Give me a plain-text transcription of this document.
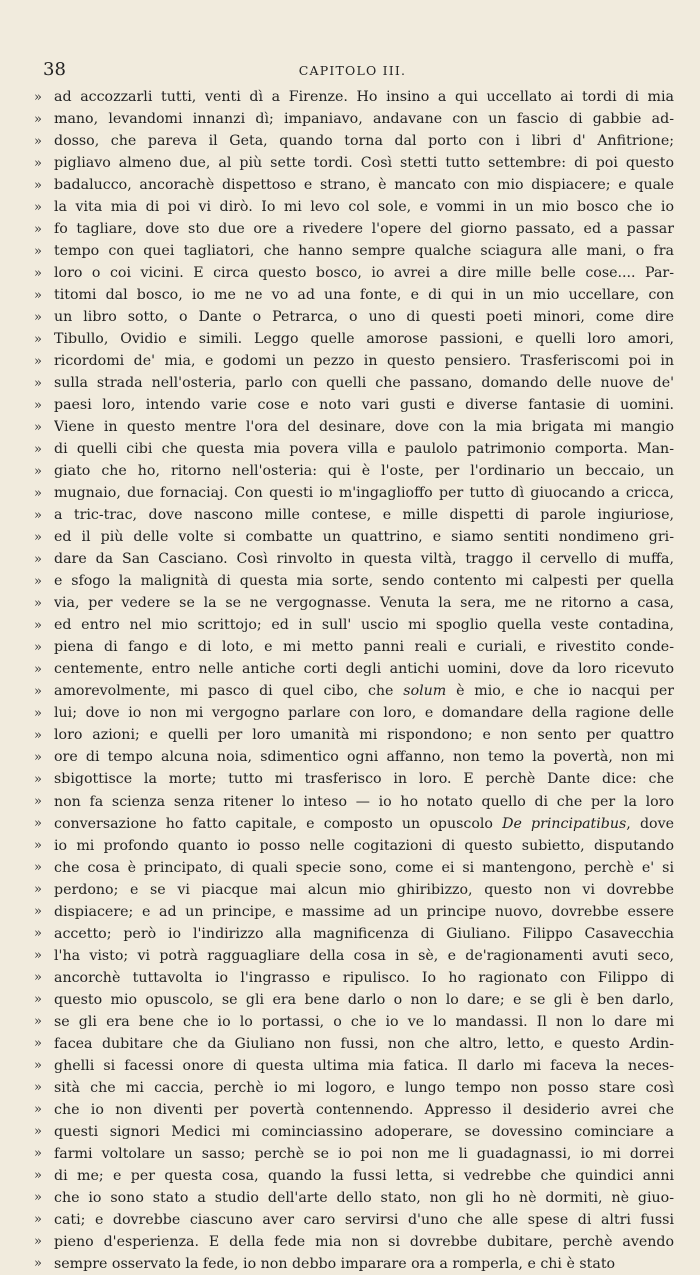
38	CAPITOLO III.
» ad accozzarli tutti, venti dì a Firenze. Ho insino a qui uccellato ai tordi di mia
» mano, levandomi innanzi dì; impaniavo, andavane con un fascio di gabbie ad-
» dosso, che pareva il Geta, quando torna dal porto con i libri d' Anfitrione;
» pigliavo almeno due, al più sette tordi. Così stetti tutto settembre: di poi questo
» badalucco, ancorachè dispettoso e strano, è mancato con mio dispiacere; e quale
» la vita mia di poi vi dirò. Io mi levo col sole, e vommi in un mio bosco che io
» fo tagliare, dove sto due ore a rivedere l'opere del giorno passato, ed a passar
» tempo con quei tagliatori, che hanno sempre qualche sciagura alle mani, o fra
» loro o coi vicini. E circa questo bosco, io avrei a dire mille belle cose.... Par-
» titomi dal bosco, io me ne vo ad una fonte, e di qui in un mio uccellare, con
» un libro sotto, o Dante o Petrarca, o uno di questi poeti minori, come dire
» Tibullo, Ovidio e simili. Leggo quelle amorose passioni, e quelli loro amori,
» ricordomi de' mia, e godomi un pezzo in questo pensiero. Trasferiscomi poi in
» sulla strada nell'osteria, parlo con quelli che passano, domando delle nuove de'
» paesi loro, intendo varie cose e noto vari gusti e diverse fantasie di uomini.
» Viene in questo mentre l'ora del desinare, dove con la mia brigata mi mangio
» di quelli cibi che questa mia povera villa e paulolo patrimonio comporta. Man-
» giato che ho, ritorno nell'osteria: qui è l'oste, per l'ordinario un beccaio, un
» mugnaio, due fornaciaj. Con questi io m'ingaglioffo per tutto dì giuocando a cricca,
» a tric-trac, dove nascono mille contese, e mille dispetti di parole ingiuriose,
» ed il più delle volte si combatte un quattrino, e siamo sentiti nondimeno gri-
» dare da San Casciano. Così rinvolto in questa viltà, traggo il cervello di muffa,
» e sfogo la malignità di questa mia sorte, sendo contento mi calpesti per quella
» via, per vedere se la se ne vergognasse. Venuta la sera, me ne ritorno a casa,
» ed entro nel mio scrittojo; ed in sull' uscio mi spoglio quella veste contadina,
» piena di fango e di loto, e mi metto panni reali e curiali, e rivestito conde-
» centemente, entro nelle antiche corti degli antichi uomini, dove da loro ricevuto
» amorevolmente, mi pasco di quel cibo, che solum è mio, e che io nacqui per
» lui; dove io non mi vergogno parlare con loro, e domandare della ragione delle
» loro azioni; e quelli per loro umanità mi rispondono; e non sento per quattro
» ore di tempo alcuna noia, sdimentico ogni affanno, non temo la povertà, non mi
» sbigottisce la morte; tutto mi trasferisco in loro. E perchè Dante dice: che
» non fa scienza senza ritener lo inteso — io ho notato quello di che per la loro
» conversazione ho fatto capitale, e composto un opuscolo De principatibus, dove
» io mi profondo quanto io posso nelle cogitazioni di questo subietto, disputando
» che cosa è principato, di quali specie sono, come ei si mantengono, perchè e' si
» perdono; e se vi piacque mai alcun mio ghiribizzo, questo non vi dovrebbe
» dispiacere; e ad un principe, e massime ad un principe nuovo, dovrebbe essere
» accetto; però io l'indirizzo alla magnificenza di Giuliano. Filippo Casavecchia
» l'ha visto; vi potrà ragguagliare della cosa in sè, e de'ragionamenti avuti seco,
» ancorchè tuttavolta io l'ingrasso e ripulisco. Io ho ragionato con Filippo di
» questo mio opuscolo, se gli era bene darlo o non lo dare; e se gli è ben darlo,
» se gli era bene che io lo portassi, o che io ve lo mandassi. Il non lo dare mi
» facea dubitare che da Giuliano non fussi, non che altro, letto, e questo Ardin-
» ghelli si facessi onore di questa ultima mia fatica. Il darlo mi faceva la neces-
» sità che mi caccia, perchè io mi logoro, e lungo tempo non posso stare così
» che io non diventi per povertà contennendo. Appresso il desiderio avrei che
» questi signori Medici mi cominciassino adoperare, se dovessino cominciare a
» farmi voltolare un sasso; perchè se io poi non me li guadagnassi, io mi dorrei
» di me; e per questa cosa, quando la fussi letta, si vedrebbe che quindici anni
» che io sono stato a studio dell'arte dello stato, non gli ho nè dormiti, nè giuo-
» cati; e dovrebbe ciascuno aver caro servirsi d'uno che alle spese di altri fussi
» pieno d'esperienza. E della fede mia non si dovrebbe dubitare, perchè avendo
» sempre osservato la fede, io non debbo imparare ora a romperla, e chi è stato
